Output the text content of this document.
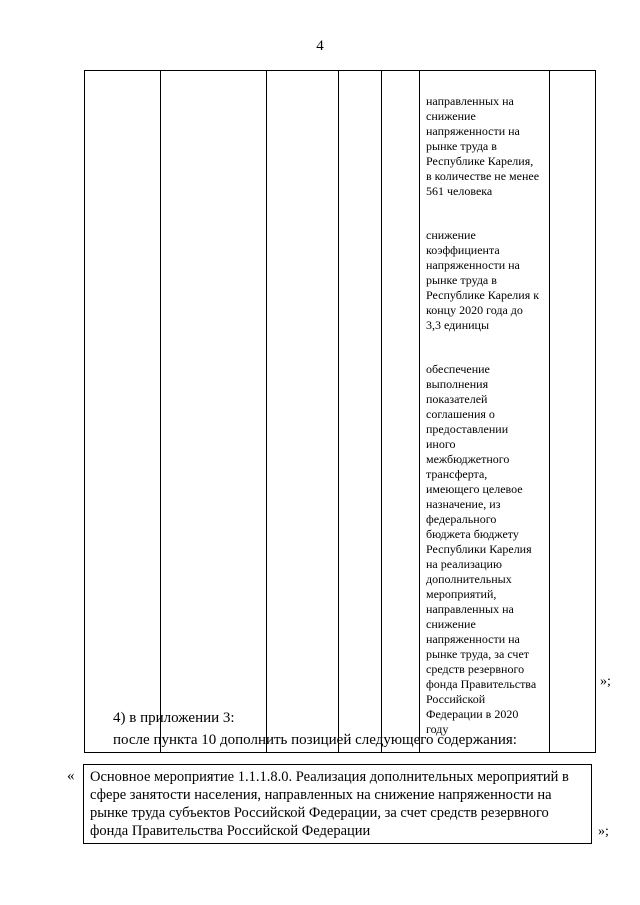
4

направленных на
снижение
напряженности на
рынке труда в
Республике Карелия,
в количестве не менее
561 человека

снижение
коэффициента
напряженности на
рынке труда в
Республике Карелия к
концу 2020 года до
3,3 единицы

обеспечение
выполнения
показателей
соглашения о
предоставлении
иного
межбюджетного
трансферта,
имеющего целевое
назначение, из
федерального
бюджета бюджету
Республики Карелия
на реализацию
дополнительных
мероприятий,
направленных на
снижение
напряженности на
рынке труда, за счет
средств резервного
фонда Правительства
Российской
Федерации в 2020
году

»;
4) в приложении 3:
после пункта 10 дополнить позицией следующего содержания:
«	Основное мероприятие 1.1.1.8.0. Реализация дополнительных мероприятий в сфере занятости населения, направленных на снижение напряженности на рынке труда субъектов Российской Федерации, за счет средств резервного фонда Правительства Российской Федерации	»;
